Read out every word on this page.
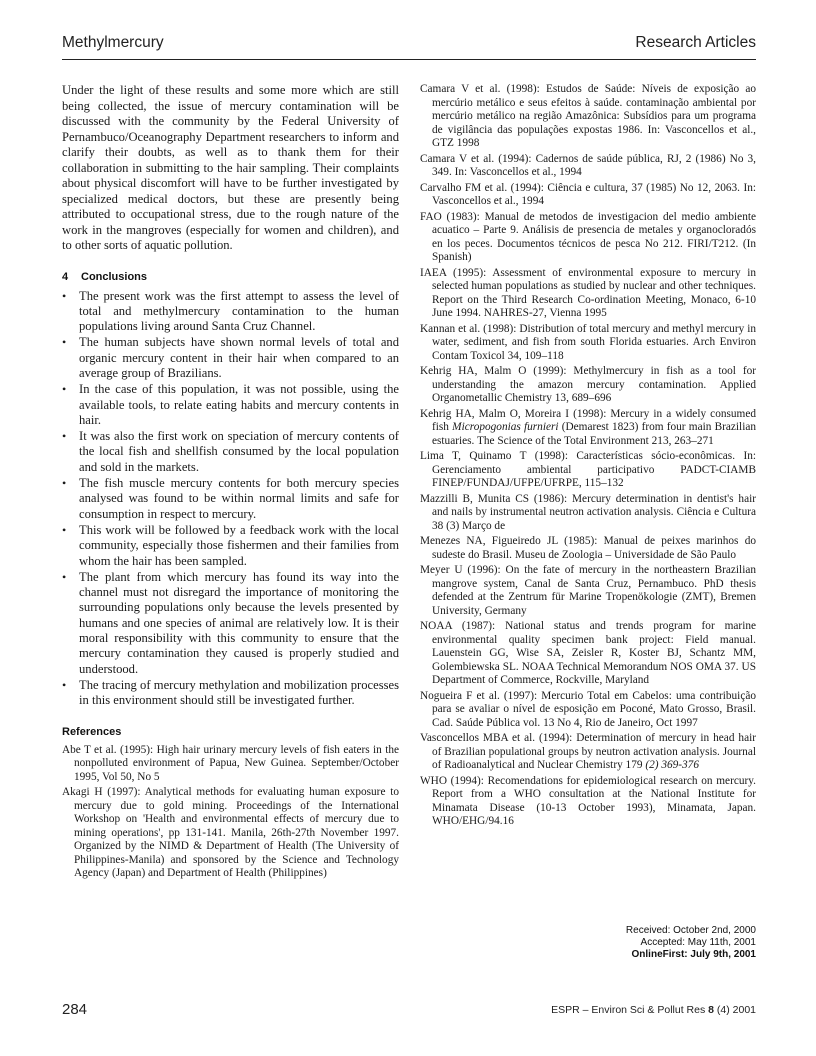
Methylmercury	Research Articles

Under the light of these results and some more which are still being collected, the issue of mercury contamination will be discussed with the community by the Federal University of Pernambuco/Oceanography Department researchers to inform and clarify their doubts, as well as to thank them for their collaboration in submitting to the hair sampling. Their complaints about physical discomfort will have to be further investigated by specialized medical doctors, but these are presently being attributed to occupational stress, due to the rough nature of the work in the mangroves (especially for women and children), and to other sorts of aquatic pollution.

4 Conclusions
• The present work was the first attempt to assess the level of total and methylmercury contamination to the human populations living around Santa Cruz Channel.
• The human subjects have shown normal levels of total and organic mercury content in their hair when compared to an average group of Brazilians.
• In the case of this population, it was not possible, using the available tools, to relate eating habits and mercury contents in hair.
• It was also the first work on speciation of mercury contents of the local fish and shellfish consumed by the local population and sold in the markets.
• The fish muscle mercury contents for both mercury species analysed was found to be within normal limits and safe for consumption in respect to mercury.
• This work will be followed by a feedback work with the local community, especially those fishermen and their families from whom the hair has been sampled.
• The plant from which mercury has found its way into the channel must not disregard the importance of monitoring the surrounding populations only because the levels presented by humans and one species of animal are relatively low. It is their moral responsibility with this community to ensure that the mercury contamination they caused is properly studied and understood.
• The tracing of mercury methylation and mobilization processes in this environment should still be investigated further.
References

Abe T et al. (1995): High hair urinary mercury levels of fish eaters in the nonpolluted environment of Papua, New Guinea. September/October 1995, Vol 50, No 5

Akagi H (1997): Analytical methods for evaluating human exposure to mercury due to gold mining. Proceedings of the International Workshop on 'Health and environmental effects of mercury due to mining operations', pp 131-141. Manila, 26th-27th November 1997. Organized by the NIMD & Department of Health (The University of Philippines-Manila) and sponsored by the Science and Technology Agency (Japan) and Department of Health (Philippines)

Camara V et al. (1998): Estudos de Saúde: Níveis de exposição ao mercúrio metálico e seus efeitos à saúde. contaminação ambiental por mercúrio metálico na região Amazônica: Subsídios para um programa de vigilância das populações expostas 1986. In: Vasconcellos et al., GTZ 1998

Camara V et al. (1994): Cadernos de saúde pública, RJ, 2 (1986) No 3, 349. In: Vasconcellos et al., 1994

Carvalho FM et al. (1994): Ciência e cultura, 37 (1985) No 12, 2063. In: Vasconcellos et al., 1994

FAO (1983): Manual de metodos de investigacion del medio ambiente acuatico – Parte 9. Análisis de presencia de metales y organocloradós en los peces. Documentos técnicos de pesca No 212. FIRI/T212. (In Spanish)

IAEA (1995): Assessment of environmental exposure to mercury in selected human populations as studied by nuclear and other techniques. Report on the Third Research Co-ordination Meeting, Monaco, 6-10 June 1994. NAHRES-27, Vienna 1995

Kannan et al. (1998): Distribution of total mercury and methyl mercury in water, sediment, and fish from south Florida estuaries. Arch Environ Contam Toxicol 34, 109–118

Kehrig HA, Malm O (1999): Methylmercury in fish as a tool for understanding the amazon mercury contamination. Applied Organometallic Chemistry 13, 689–696

Kehrig HA, Malm O, Moreira I (1998): Mercury in a widely consumed fish Micropogonias furnieri (Demarest 1823) from four main Brazilian estuaries. The Science of the Total Environment 213, 263–271

Lima T, Quinamo T (1998): Características sócio-econômicas. In: Gerenciamento ambiental participativo PADCT-CIAMB FINEP/FUNDAJ/UFPE/UFRPE, 115–132

Mazzilli B, Munita CS (1986): Mercury determination in dentist's hair and nails by instrumental neutron activation analysis. Ciência e Cultura 38 (3) Março de

Menezes NA, Figueiredo JL (1985): Manual de peixes marinhos do sudeste do Brasil. Museu de Zoologia – Universidade de São Paulo

Meyer U (1996): On the fate of mercury in the northeastern Brazilian mangrove system, Canal de Santa Cruz, Pernambuco. PhD thesis defended at the Zentrum für Marine Tropenökologie (ZMT), Bremen University, Germany

NOAA (1987): National status and trends program for marine environmental quality specimen bank project: Field manual. Lauenstein GG, Wise SA, Zeisler R, Koster BJ, Schantz MM, Golembiewska SL. NOAA Technical Memorandum NOS OMA 37. US Department of Commerce, Rockville, Maryland

Nogueira F et al. (1997): Mercurio Total em Cabelos: uma contribuição para se avaliar o nível de esposição em Poconé, Mato Grosso, Brasil. Cad. Saúde Pública vol. 13 No 4, Rio de Janeiro, Oct 1997

Vasconcellos MBA et al. (1994): Determination of mercury in head hair of Brazilian populational groups by neutron activation analysis. Journal of Radioanalytical and Nuclear Chemistry 179 (2) 369-376

WHO (1994): Recomendations for epidemiological research on mercury. Report from a WHO consultation at the National Institute for Minamata Disease (10-13 October 1993), Minamata, Japan. WHO/EHG/94.16

Received: October 2nd, 2000
Accepted: May 11th, 2001
OnlineFirst: July 9th, 2001
284	ESPR – Environ Sci & Pollut Res 8 (4) 2001
